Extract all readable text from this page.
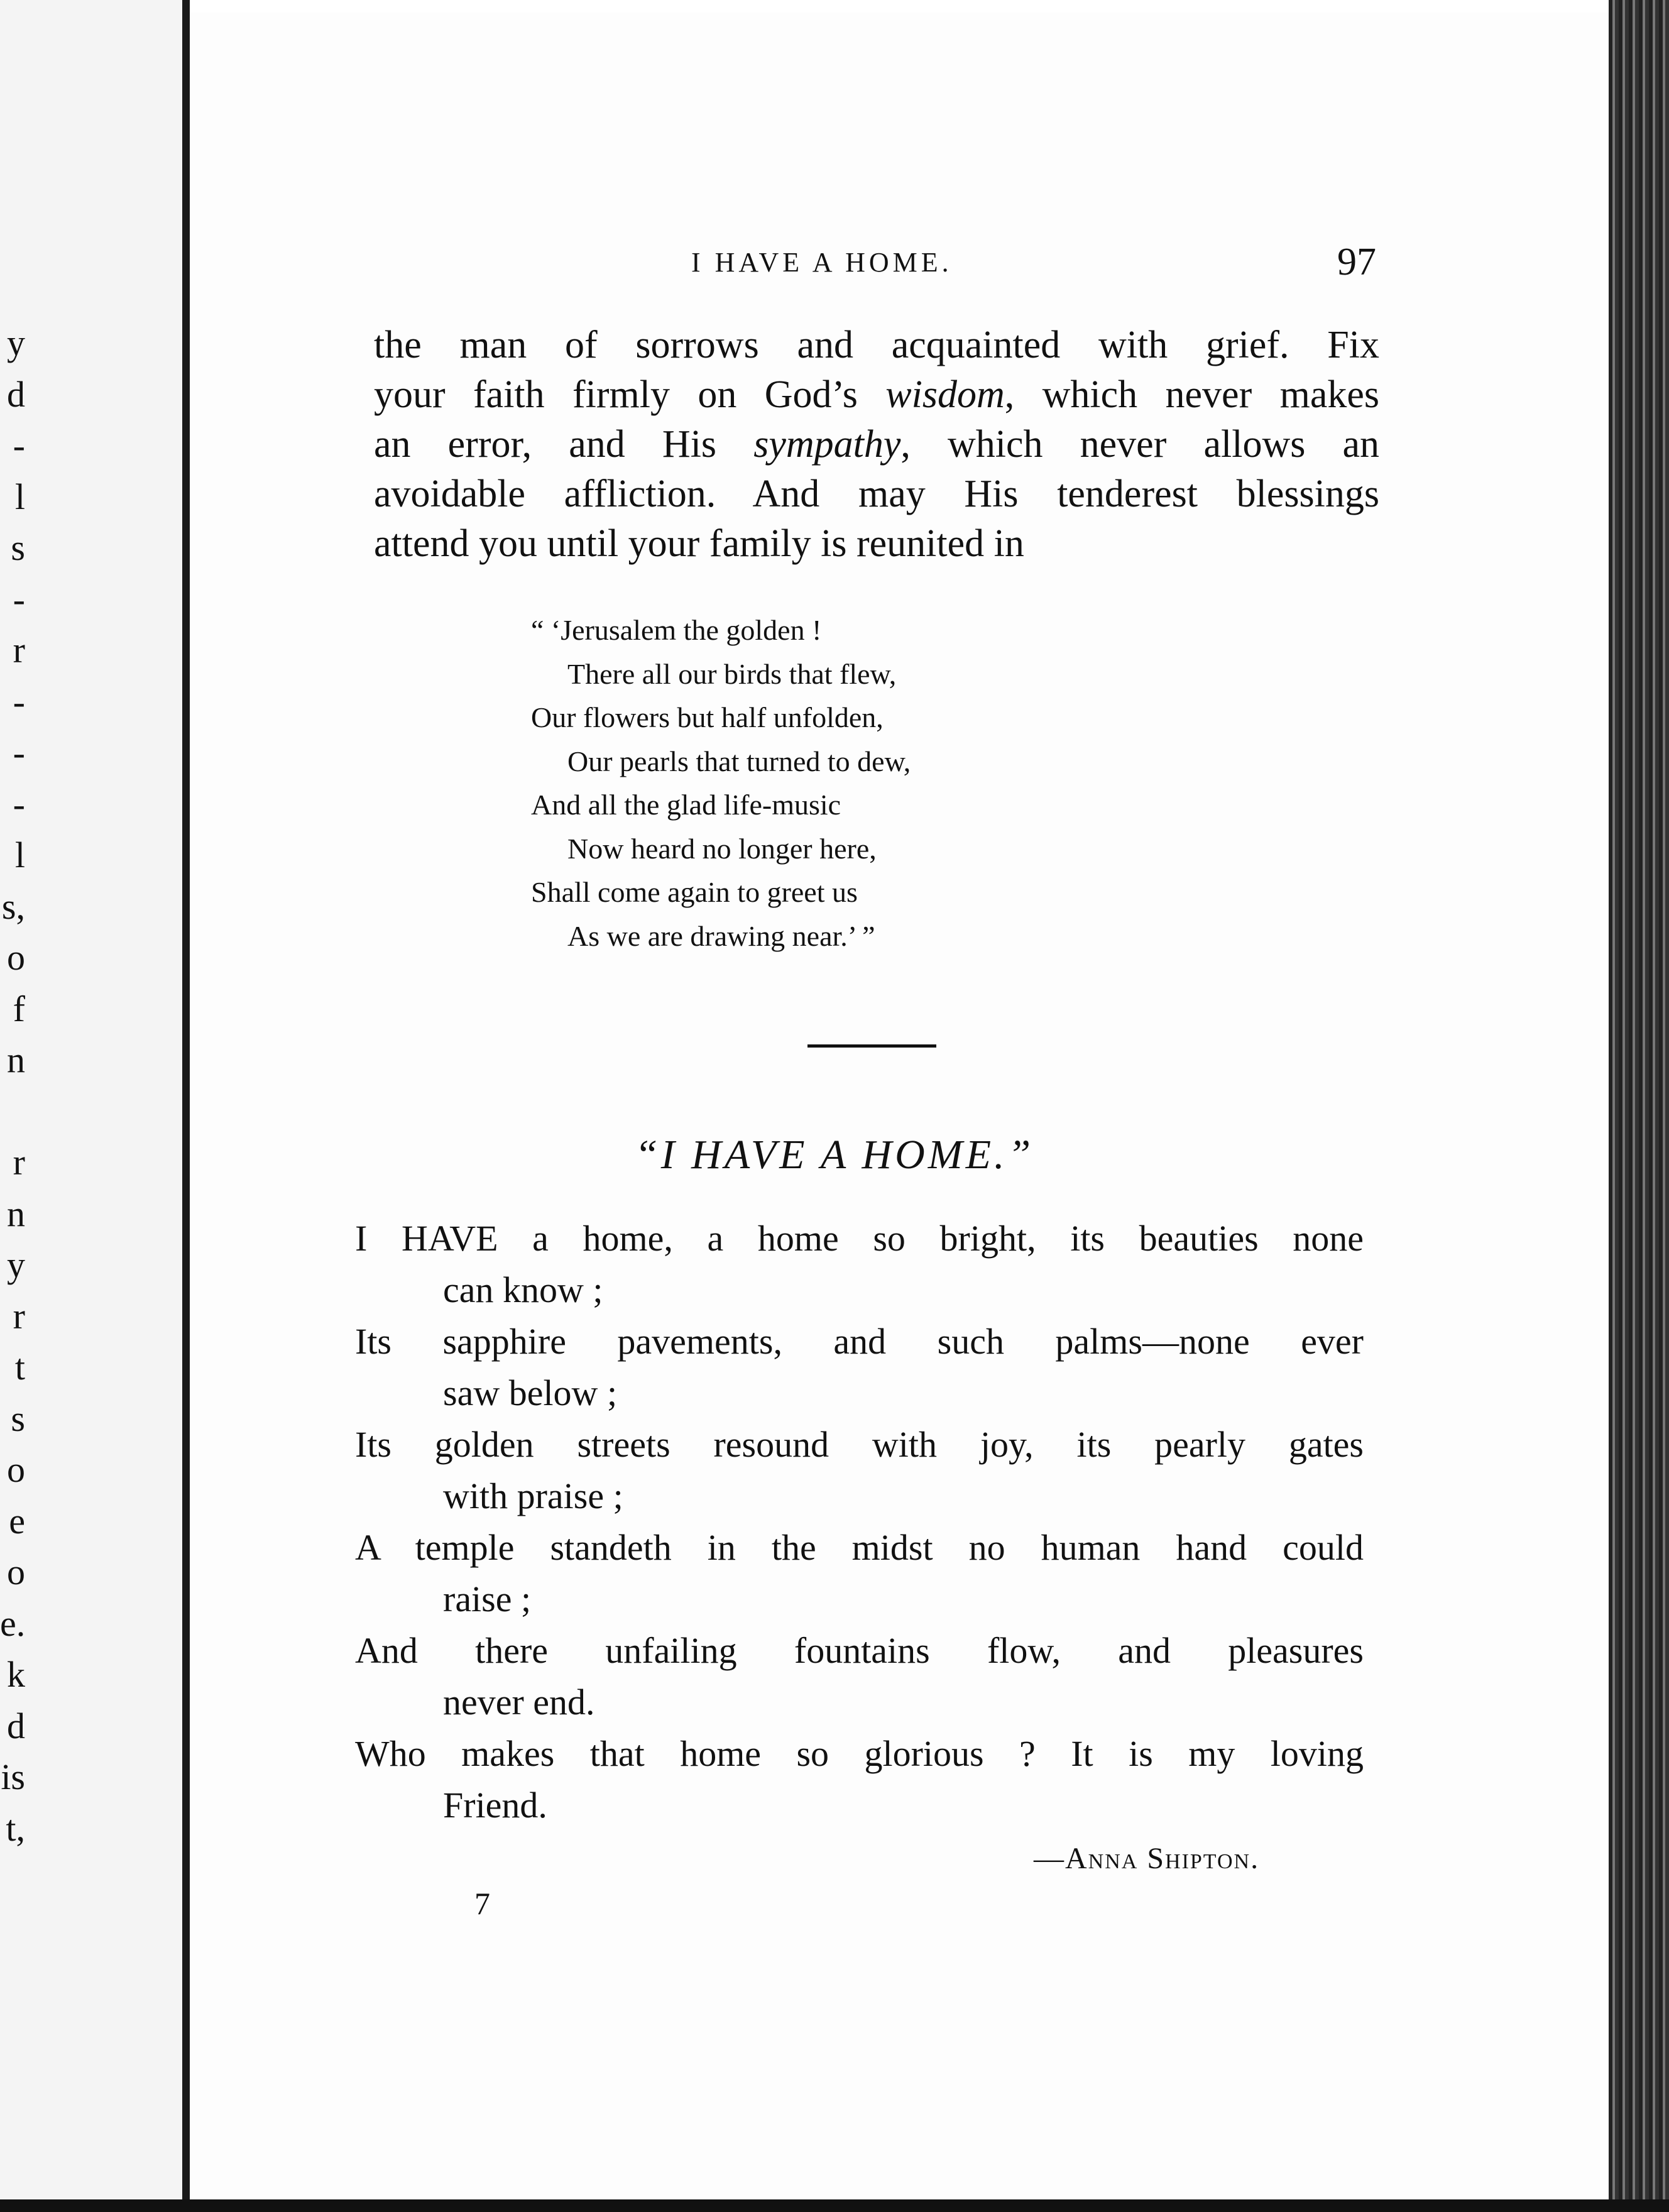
y
d
-
l
s
-
r
-
-
-
l
s,
o
f
n
r
n
y
r
t
s
o
e
o
e.
k
d
is
t,
I HAVE A HOME.	97
the man of sorrows and acquainted with grief. Fix
your faith firmly on God’s wisdom, which never makes
an error, and His sympathy, which never allows an
avoidable affliction. And may His tenderest blessings
attend you until your family is reunited in
“ ‘Jerusalem the golden !
There all our birds that flew,
Our flowers but half unfolden,
Our pearls that turned to dew,
And all the glad life-music
Now heard no longer here,
Shall come again to greet us
As we are drawing near.’ ”
“I HAVE A HOME.”
I HAVE a home, a home so bright, its beauties none
can know ;
Its sapphire pavements, and such palms—none ever
saw below ;
Its golden streets resound with joy, its pearly gates
with praise ;
A temple standeth in the midst no human hand could
raise ;
And there unfailing fountains flow, and pleasures
never end.
Who makes that home so glorious ? It is my loving
Friend.
—Anna Shipton.
7
